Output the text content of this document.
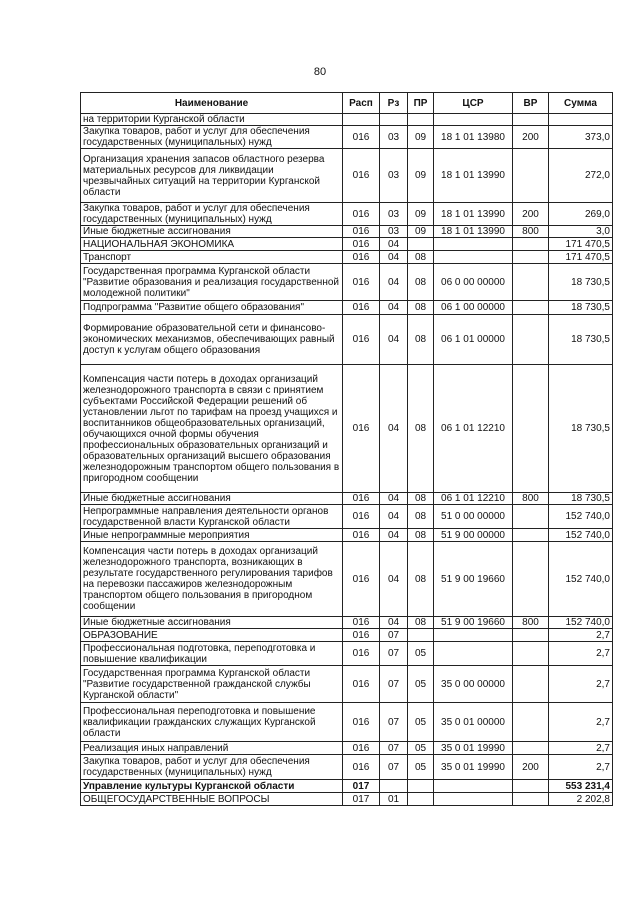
80
Наименование	Расп	Рз	ПР	ЦСР	ВР	Сумма
на территории Курганской области						
Закупка товаров, работ и услуг для обеспечения государственных (муниципальных) нужд	016	03	09	18 1 01 13980	200	373,0
Организация хранения запасов областного резерва материальных ресурсов для ликвидации чрезвычайных ситуаций на территории Курганской области	016	03	09	18 1 01 13990		272,0
Закупка товаров, работ и услуг для обеспечения государственных (муниципальных) нужд	016	03	09	18 1 01 13990	200	269,0
Иные бюджетные ассигнования	016	03	09	18 1 01 13990	800	3,0
НАЦИОНАЛЬНАЯ ЭКОНОМИКА	016	04				171 470,5
Транспорт	016	04	08			171 470,5
Государственная программа Курганской области "Развитие образования и реализация государственной молодежной политики"	016	04	08	06 0 00 00000		18 730,5
Подпрограмма "Развитие общего образования"	016	04	08	06 1 00 00000		18 730,5
Формирование образовательной сети и финансово-экономических механизмов, обеспечивающих равный доступ к услугам общего образования	016	04	08	06 1 01 00000		18 730,5
Компенсация части потерь в доходах организаций железнодорожного транспорта в связи с принятием субъектами Российской Федерации решений об установлении льгот по тарифам на проезд учащихся и воспитанников общеобразовательных организаций, обучающихся очной формы обучения профессиональных образовательных организаций и образовательных организаций высшего образования железнодорожным транспортом общего пользования в пригородном сообщении	016	04	08	06 1 01 12210		18 730,5
Иные бюджетные ассигнования	016	04	08	06 1 01 12210	800	18 730,5
Непрограммные направления деятельности органов государственной власти Курганской области	016	04	08	51 0 00 00000		152 740,0
Иные непрограммные мероприятия	016	04	08	51 9 00 00000		152 740,0
Компенсация части потерь в доходах организаций железнодорожного транспорта, возникающих в результате государственного регулирования тарифов на перевозки пассажиров железнодорожным транспортом общего пользования в пригородном сообщении	016	04	08	51 9 00 19660		152 740,0
Иные бюджетные ассигнования	016	04	08	51 9 00 19660	800	152 740,0
ОБРАЗОВАНИЕ	016	07				2,7
Профессиональная подготовка, переподготовка и повышение квалификации	016	07	05			2,7
Государственная программа Курганской области "Развитие государственной гражданской службы Курганской области"	016	07	05	35 0 00 00000		2,7
Профессиональная переподготовка и повышение квалификации гражданских служащих Курганской области	016	07	05	35 0 01 00000		2,7
Реализация иных направлений	016	07	05	35 0 01 19990		2,7
Закупка товаров, работ и услуг для обеспечения государственных (муниципальных) нужд	016	07	05	35 0 01 19990	200	2,7
Управление культуры Курганской области	017					553 231,4
ОБЩЕГОСУДАРСТВЕННЫЕ ВОПРОСЫ	017	01				2 202,8
